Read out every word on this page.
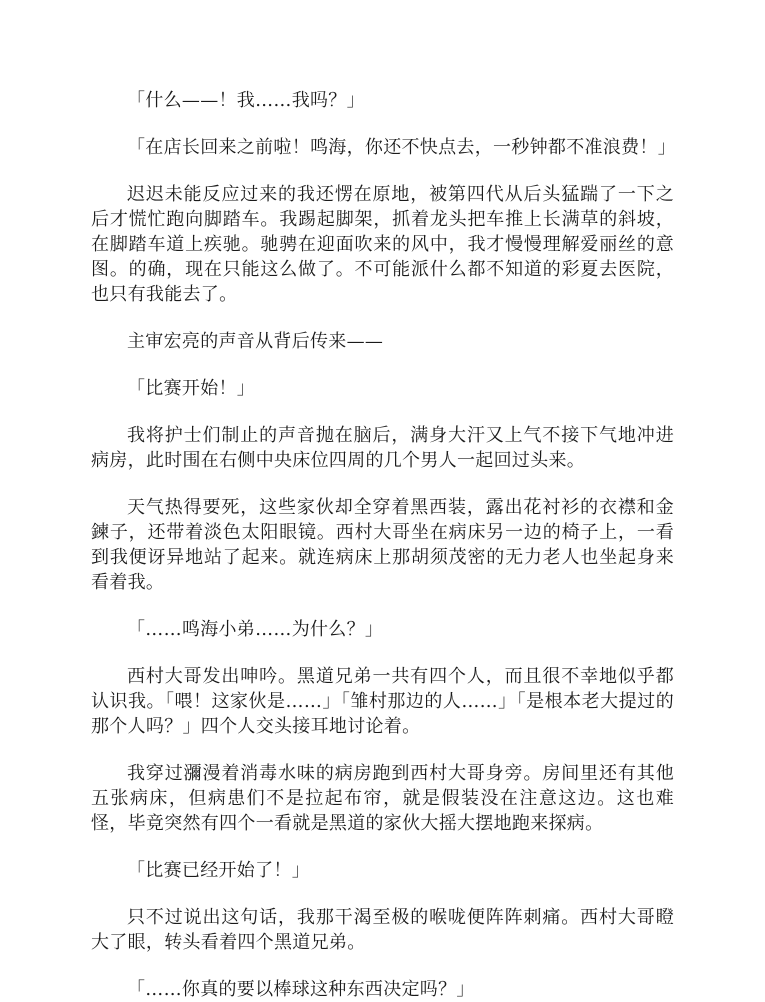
「什么——！我……我吗？」

「在店长回来之前啦！鸣海，你还不快点去，一秒钟都不准浪费！」

迟迟未能反应过来的我还愣在原地，被第四代从后头猛踹了一下之后才慌忙跑向脚踏车。我踢起脚架，抓着龙头把车推上长满草的斜坡，在脚踏车道上疾驰。驰骋在迎面吹来的风中，我才慢慢理解爱丽丝的意图。的确，现在只能这么做了。不可能派什么都不知道的彩夏去医院，也只有我能去了。

主审宏亮的声音从背后传来——

「比赛开始！」

我将护士们制止的声音抛在脑后，满身大汗又上气不接下气地冲进病房，此时围在右侧中央床位四周的几个男人一起回过头来。

天气热得要死，这些家伙却全穿着黑西装，露出花衬衫的衣襟和金鍊子，还带着淡色太阳眼镜。西村大哥坐在病床另一边的椅子上，一看到我便讶异地站了起来。就连病床上那胡须茂密的无力老人也坐起身来看着我。

「……鸣海小弟……为什么？」

西村大哥发出呻吟。黑道兄弟一共有四个人，而且很不幸地似乎都认识我。「喂！这家伙是……」「雏村那边的人……」「是根本老大提过的那个人吗？」四个人交头接耳地讨论着。

我穿过瀰漫着消毒水味的病房跑到西村大哥身旁。房间里还有其他五张病床，但病患们不是拉起布帘，就是假装没在注意这边。这也难怪，毕竟突然有四个一看就是黑道的家伙大摇大摆地跑来探病。

「比赛已经开始了！」

只不过说出这句话，我那干渴至极的喉咙便阵阵刺痛。西村大哥瞪大了眼，转头看着四个黑道兄弟。

「……你真的要以棒球这种东西决定吗？」
